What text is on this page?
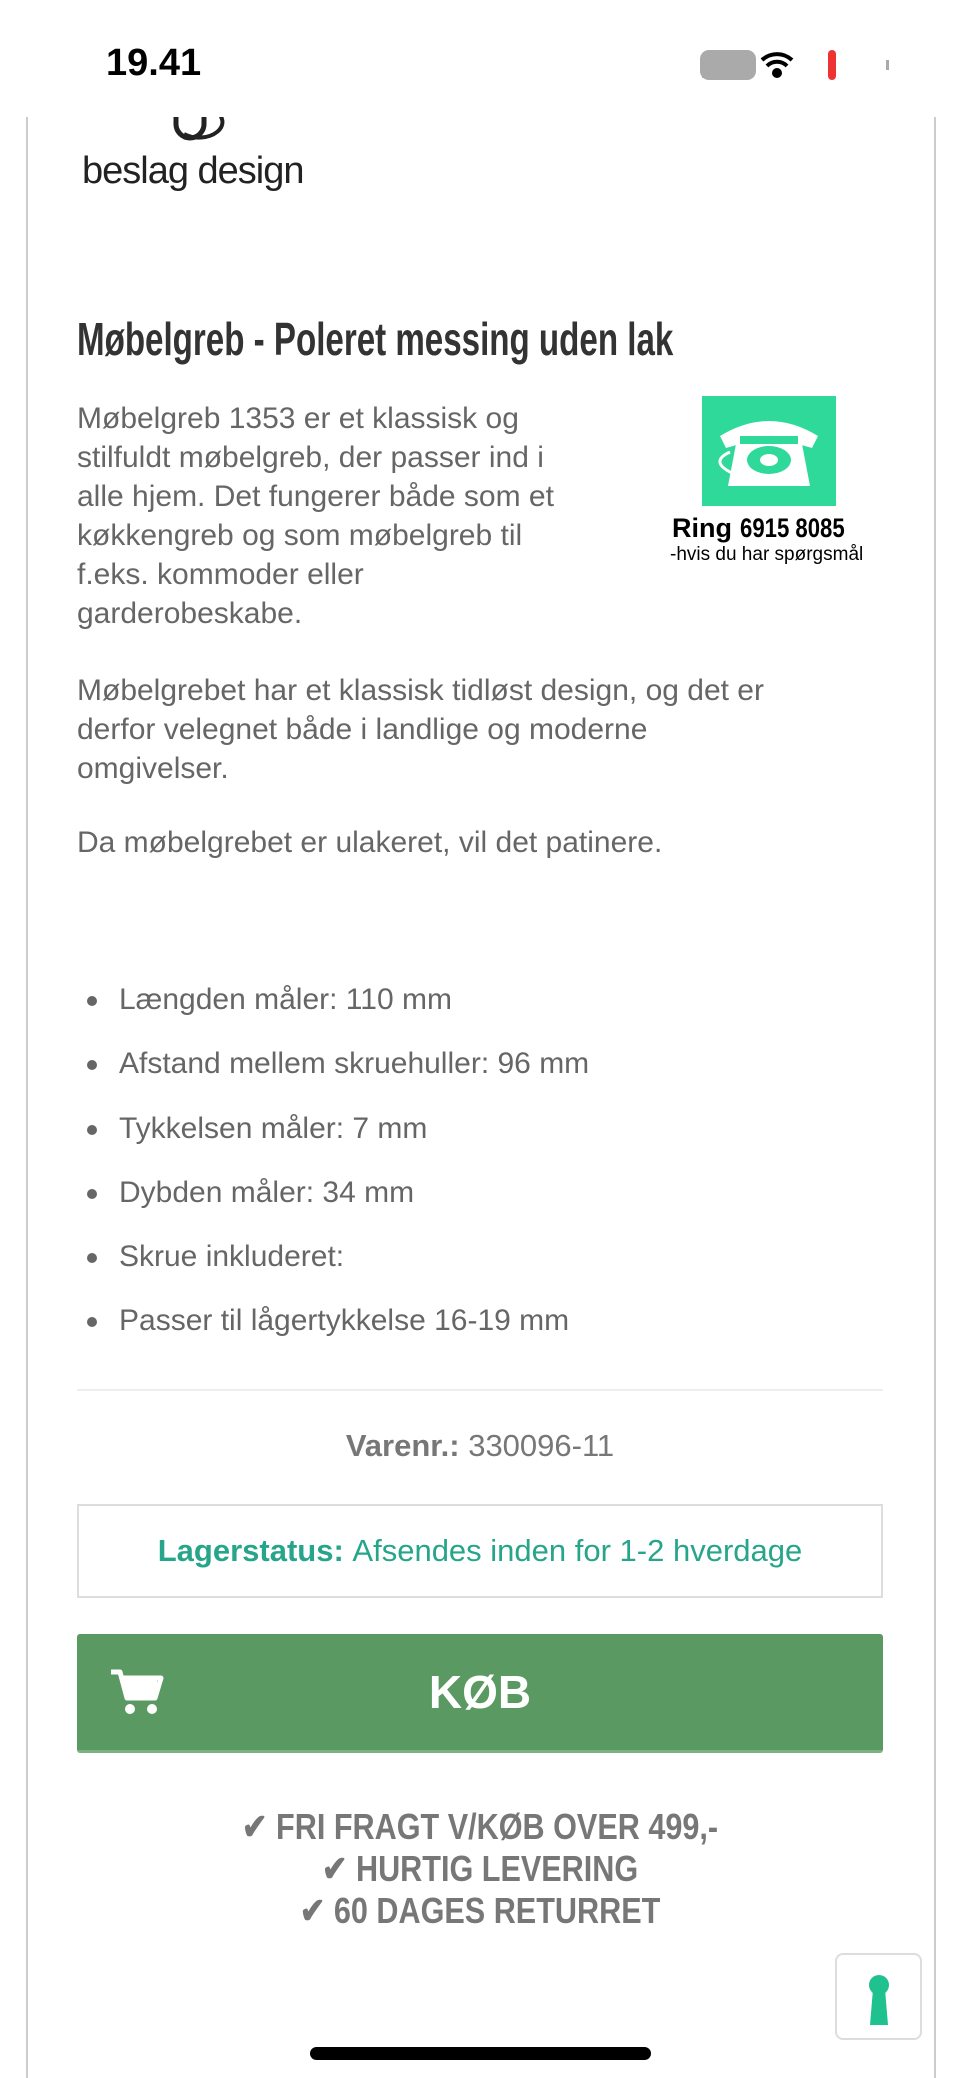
19.41	15
beslag design
Møbelgreb - Poleret messing uden lak
Møbelgreb 1353 er et klassisk og
stilfuldt møbelgreb, der passer ind i
alle hjem. Det fungerer både som et
køkkengreb og som møbelgreb til
f.eks. kommoder eller
garderobeskabe.
Ring 6915 8085
-hvis du har spørgsmål
Møbelgrebet har et klassisk tidløst design, og det er
derfor velegnet både i landlige og moderne
omgivelser.
Da møbelgrebet er ulakeret, vil det patinere.
Længden måler: 110 mm
Afstand mellem skruehuller: 96 mm
Tykkelsen måler: 7 mm
Dybden måler: 34 mm
Skrue inkluderet:
Passer til lågertykkelse 16-19 mm
Varenr.: 330096-11
Lagerstatus:
Afsendes inden for 1-2 hverdage
KØB
✔ FRI FRAGT V/KØB OVER 499,-
✔ HURTIG LEVERING
✔ 60 DAGES RETURRET
